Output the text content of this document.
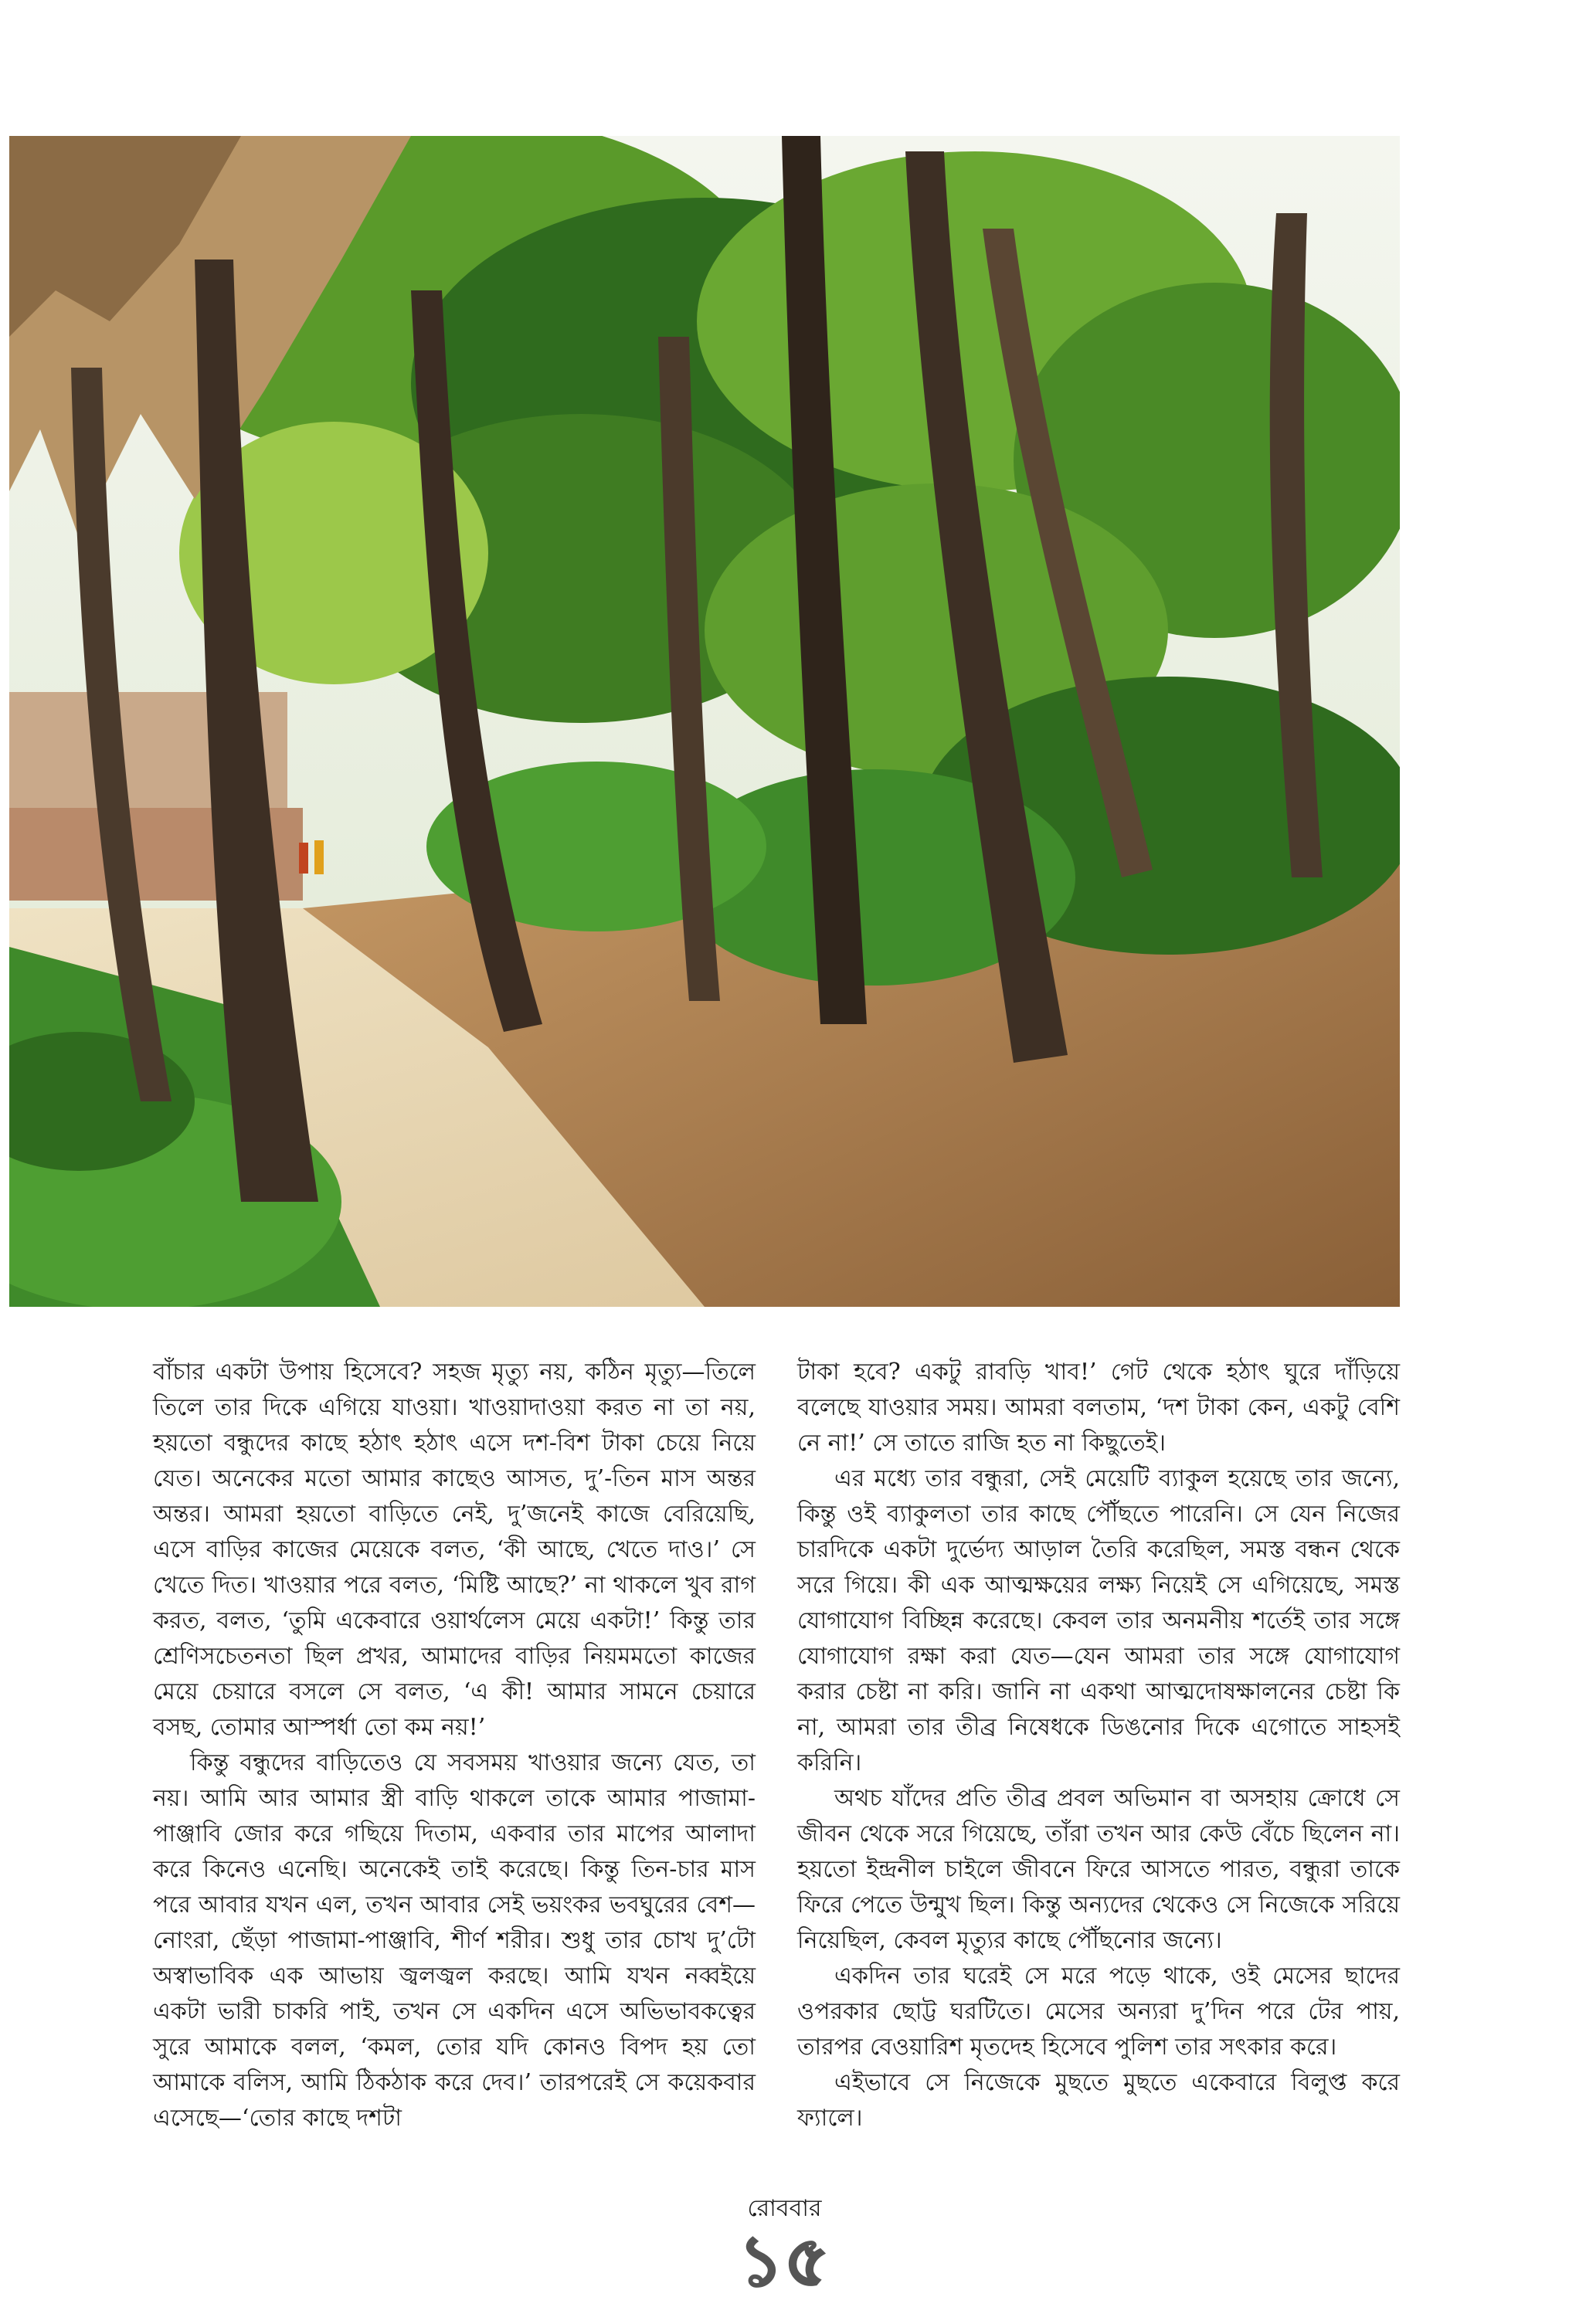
বাঁচার একটা উপায় হিসেবে? সহজ মৃত্যু নয়, কঠিন মৃত্যু—তিলে তিলে তার দিকে এগিয়ে যাওয়া। খাওয়াদাওয়া করত না তা নয়, হয়তো বন্ধুদের কাছে হঠাৎ হঠাৎ এসে দশ-বিশ টাকা চেয়ে নিয়ে যেত। অনেকের মতো আমার কাছেও আসত, দু’-তিন মাস অন্তর অন্তর। আমরা হয়তো বাড়িতে নেই, দু’জনেই কাজে বেরিয়েছি, এসে বাড়ির কাজের মেয়েকে বলত, ‘কী আছে, খেতে দাও।’ সে খেতে দিত। খাওয়ার পরে বলত, ‘মিষ্টি আছে?’ না থাকলে খুব রাগ করত, বলত, ‘তুমি একেবারে ওয়ার্থলেস মেয়ে একটা!’ কিন্তু তার শ্রেণিসচেতনতা ছিল প্রখর, আমাদের বাড়ির নিয়মমতো কাজের মেয়ে চেয়ারে বসলে সে বলত, ‘এ কী! আমার সামনে চেয়ারে বসছ, তোমার আস্পর্ধা তো কম নয়!’

কিন্তু বন্ধুদের বাড়িতেও যে সবসময় খাওয়ার জন্যে যেত, তা নয়। আমি আর আমার স্ত্রী বাড়ি থাকলে তাকে আমার পাজামা-পাঞ্জাবি জোর করে গছিয়ে দিতাম, একবার তার মাপের আলাদা করে কিনেও এনেছি। অনেকেই তাই করেছে। কিন্তু তিন-চার মাস পরে আবার যখন এল, তখন আবার সেই ভয়ংকর ভবঘুরের বেশ—নোংরা, ছেঁড়া পাজামা-পাঞ্জাবি, শীর্ণ শরীর। শুধু তার চোখ দু’টো অস্বাভাবিক এক আভায় জ্বলজ্বল করছে। আমি যখন নব্বইয়ে একটা ভারী চাকরি পাই, তখন সে একদিন এসে অভিভাবকত্বের সুরে আমাকে বলল, ‘কমল, তোর যদি কোনও বিপদ হয় তো আমাকে বলিস, আমি ঠিকঠাক করে দেব।’ তারপরেই সে কয়েকবার এসেছে—‘তোর কাছে দশটা

টাকা হবে? একটু রাবড়ি খাব!’ গেট থেকে হঠাৎ ঘুরে দাঁড়িয়ে বলেছে যাওয়ার সময়। আমরা বলতাম, ‘দশ টাকা কেন, একটু বেশি নে না!’ সে তাতে রাজি হত না কিছুতেই।

এর মধ্যে তার বন্ধুরা, সেই মেয়েটি ব্যাকুল হয়েছে তার জন্যে, কিন্তু ওই ব্যাকুলতা তার কাছে পৌঁছতে পারেনি। সে যেন নিজের চারদিকে একটা দুর্ভেদ্য আড়াল তৈরি করেছিল, সমস্ত বন্ধন থেকে সরে গিয়ে। কী এক আত্মক্ষয়ের লক্ষ্য নিয়েই সে এগিয়েছে, সমস্ত যোগাযোগ বিচ্ছিন্ন করেছে। কেবল তার অনমনীয় শর্তেই তার সঙ্গে যোগাযোগ রক্ষা করা যেত—যেন আমরা তার সঙ্গে যোগাযোগ করার চেষ্টা না করি। জানি না একথা আত্মদোষক্ষালনের চেষ্টা কি না, আমরা তার তীব্র নিষেধকে ডিঙনোর দিকে এগোতে সাহসই করিনি।

অথচ যাঁদের প্রতি তীব্র প্রবল অভিমান বা অসহায় ক্রোধে সে জীবন থেকে সরে গিয়েছে, তাঁরা তখন আর কেউ বেঁচে ছিলেন না। হয়তো ইন্দ্রনীল চাইলে জীবনে ফিরে আসতে পারত, বন্ধুরা তাকে ফিরে পেতে উন্মুখ ছিল। কিন্তু অন্যদের থেকেও সে নিজেকে সরিয়ে নিয়েছিল, কেবল মৃত্যুর কাছে পৌঁছনোর জন্যে।

একদিন তার ঘরেই সে মরে পড়ে থাকে, ওই মেসের ছাদের ওপরকার ছোট্ট ঘরটিতে। মেসের অন্যরা দু’দিন পরে টের পায়, তারপর বেওয়ারিশ মৃতদেহ হিসেবে পুলিশ তার সৎকার করে।

এইভাবে সে নিজেকে মুছতে মুছতে একেবারে বিলুপ্ত করে ফ্যালে।

রোববার
১৫
